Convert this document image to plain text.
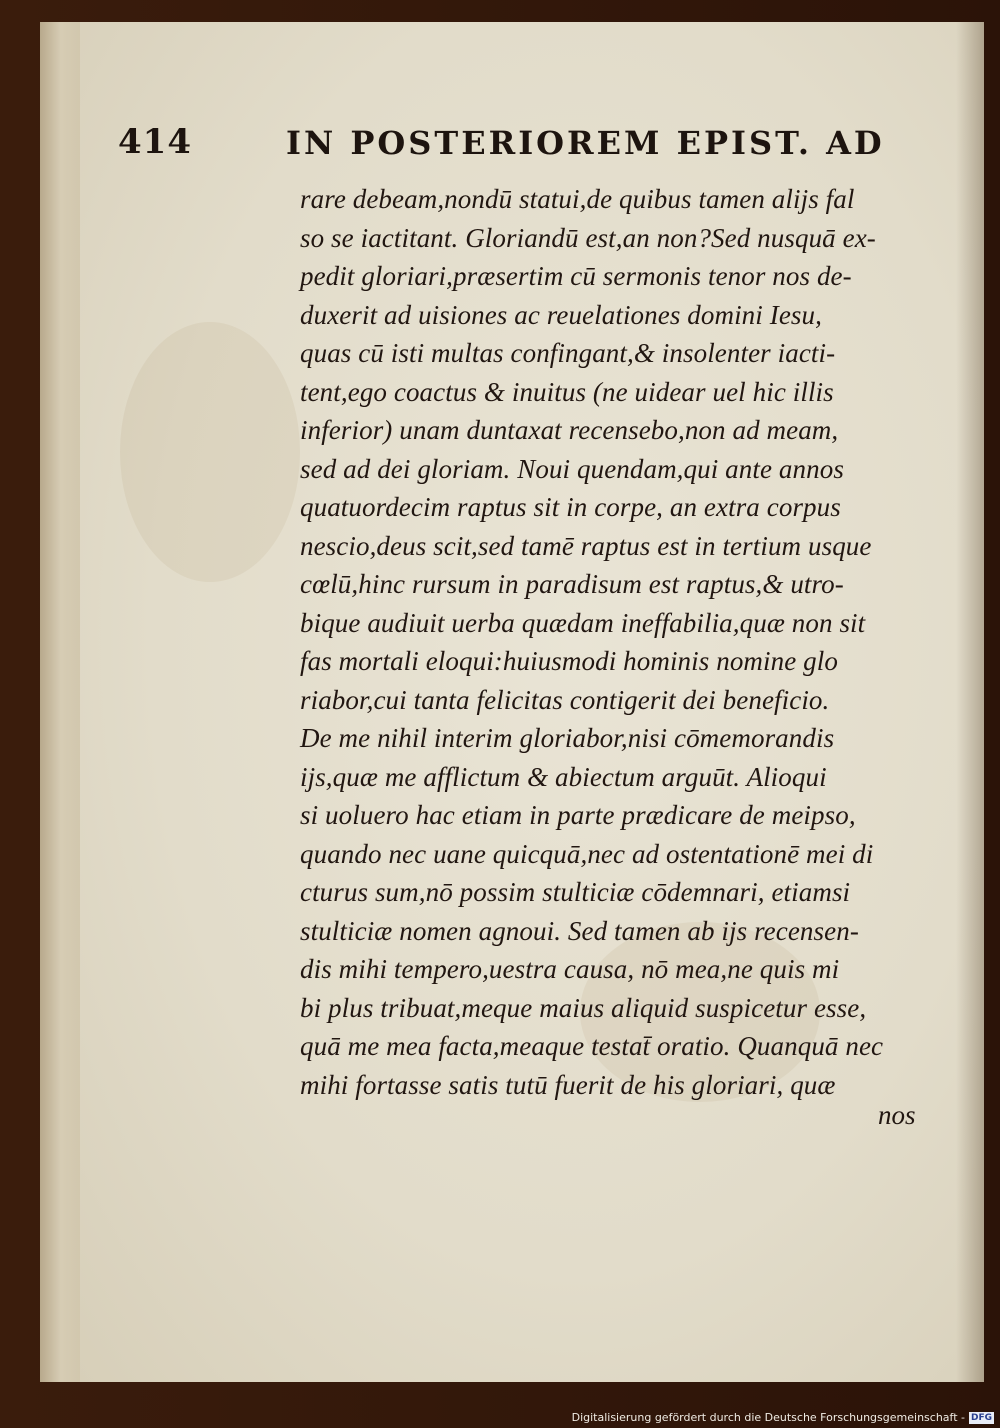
414	IN POSTERIOREM EPIST. AD
rare debeam,nondū statui,de quibus tamen alijs fal
so se iactitant. Gloriandū est,an non?Sed nusquā ex-
pedit gloriari,præsertim cū sermonis tenor nos de-
duxerit ad uisiones ac reuelationes domini Iesu,
quas cū isti multas confingant,& insolenter iacti-
tent,ego coactus & inuitus (ne uidear uel hic illis
inferior) unam duntaxat recensebo,non ad meam,
sed ad dei gloriam. Noui quendam,qui ante annos
quatuordecim raptus sit in corpe, an extra corpus
nescio,deus scit,sed tamē raptus est in tertium usque
cœlū,hinc rursum in paradisum est raptus,& utro-
bique audiuit uerba quædam ineffabilia,quæ non sit
fas mortali eloqui:huiusmodi hominis nomine glo
riabor,cui tanta felicitas contigerit dei beneficio.
De me nihil interim gloriabor,nisi cōmemorandis
ijs,quæ me afflictum & abiectum arguūt. Alioqui
si uoluero hac etiam in parte prædicare de meipso,
quando nec uane quicquā,nec ad ostentationē mei di
cturus sum,nō possim stulticiæ cōdemnari, etiamsi
stulticiæ nomen agnoui. Sed tamen ab ijs recensen-
dis mihi tempero,uestra causa, nō mea,ne quis mi
bi plus tribuat,meque maius aliquid suspicetur esse,
quā me mea facta,meaque testat̄ oratio. Quanquā nec
mihi fortasse satis tutū fuerit de his gloriari, quæ
nos
Digitalisierung gefördert durch die Deutsche Forschungsgemeinschaft - DFG
